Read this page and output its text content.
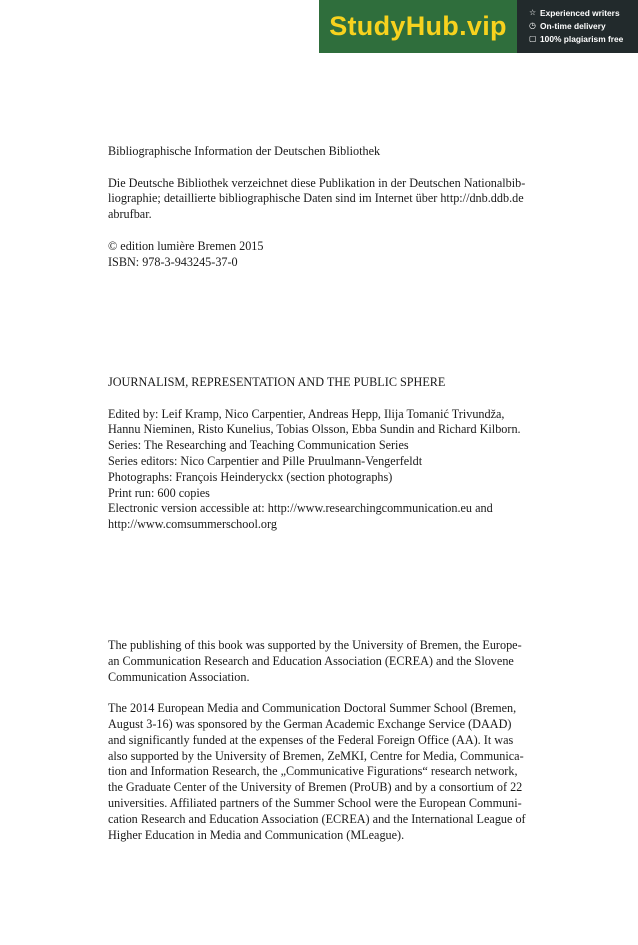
StudyHub.vip	☆ Experienced writers
◷ On-time delivery
▢ 100% plagiarism free

Bibliographische Information der Deutschen Bibliothek

Die Deutsche Bibliothek verzeichnet diese Publikation in der Deutschen Nationalbib-

liographie; detaillierte bibliographische Daten sind im Internet über http://dnb.ddb.de

abrufbar.

© edition lumière Bremen 2015

ISBN: 978-3-943245-37-0

JOURNALISM, REPRESENTATION AND THE PUBLIC SPHERE

Edited by: Leif Kramp, Nico Carpentier, Andreas Hepp, Ilija Tomanić Trivundža,

Hannu Nieminen, Risto Kunelius, Tobias Olsson, Ebba Sundin and Richard Kilborn.

Series: The Researching and Teaching Communication Series

Series editors: Nico Carpentier and Pille Pruulmann-Vengerfeldt

Photographs: François Heinderyckx (section photographs)

Print run: 600 copies

Electronic version accessible at: http://www.researchingcommunication.eu and

http://www.comsummerschool.org

The publishing of this book was supported by the University of Bremen, the Europe-

an Communication Research and Education Association (ECREA) and the Slovene

Communication Association.

The 2014 European Media and Communication Doctoral Summer School (Bremen,

August 3-16) was sponsored by the German Academic Exchange Service (DAAD)

and significantly funded at the expenses of the Federal Foreign Office (AA). It was

also supported by the University of Bremen, ZeMKI, Centre for Media, Communica-

tion and Information Research, the „Communicative Figurations“ research network,

the Graduate Center of the University of Bremen (ProUB) and by a consortium of 22

universities. Affiliated partners of the Summer School were the European Communi-

cation Research and Education Association (ECREA) and the International League of

Higher Education in Media and Communication (MLeague).
